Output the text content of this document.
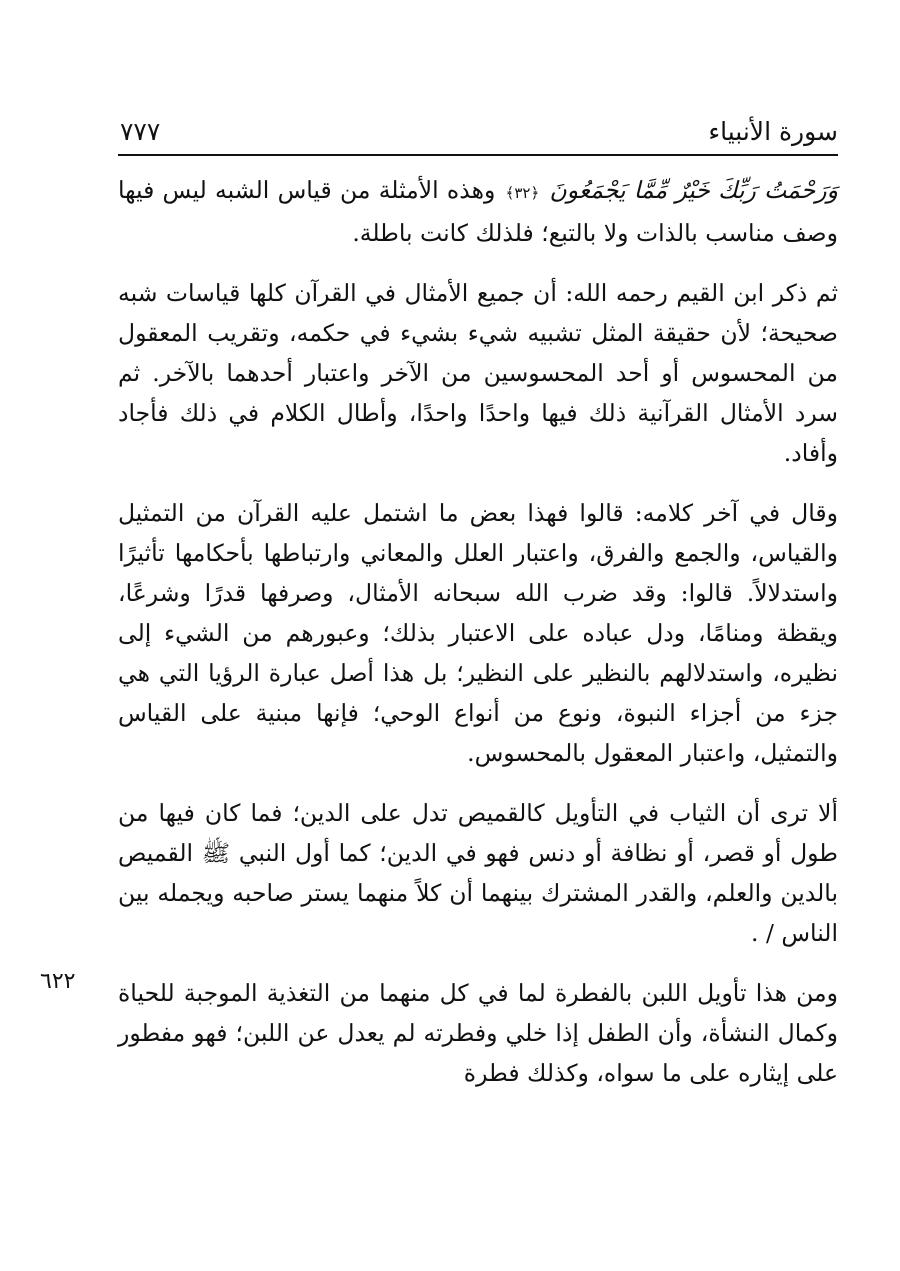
سورة الأنبياء
٧٧٧

وَرَحْمَتُ رَبِّكَ خَيْرٌ مِّمَّا يَجْمَعُونَ ﴿٣٢﴾ وهذه الأمثلة من قياس الشبه ليس فيها وصف مناسب بالذات ولا بالتبع؛ فلذلك كانت باطلة.

ثم ذكر ابن القيم رحمه الله: أن جميع الأمثال في القرآن كلها قياسات شبه صحيحة؛ لأن حقيقة المثل تشبيه شيء بشيء في حكمه، وتقريب المعقول من المحسوس أو أحد المحسوسين من الآخر واعتبار أحدهما بالآخر. ثم سرد الأمثال القرآنية ذلك فيها واحدًا واحدًا، وأطال الكلام في ذلك فأجاد وأفاد.

وقال في آخر كلامه: قالوا فهذا بعض ما اشتمل عليه القرآن من التمثيل والقياس، والجمع والفرق، واعتبار العلل والمعاني وارتباطها بأحكامها تأثيرًا واستدلالاً. قالوا: وقد ضرب الله سبحانه الأمثال، وصرفها قدرًا وشرعًا، ويقظة ومنامًا، ودل عباده على الاعتبار بذلك؛ وعبورهم من الشيء إلى نظيره، واستدلالهم بالنظير على النظير؛ بل هذا أصل عبارة الرؤيا التي هي جزء من أجزاء النبوة، ونوع من أنواع الوحي؛ فإنها مبنية على القياس والتمثيل، واعتبار المعقول بالمحسوس.

ألا ترى أن الثياب في التأويل كالقميص تدل على الدين؛ فما كان فيها من طول أو قصر، أو نظافة أو دنس فهو في الدين؛ كما أول النبي ﷺ القميص بالدين والعلم، والقدر المشترك بينهما أن كلاً منهما يستر صاحبه ويجمله بين الناس / .

ومن هذا تأويل اللبن بالفطرة لما في كل منهما من التغذية الموجبة للحياة وكمال النشأة، وأن الطفل إذا خلي وفطرته لم يعدل عن اللبن؛ فهو مفطور على إيثاره على ما سواه، وكذلك فطرة

٦٢٢
